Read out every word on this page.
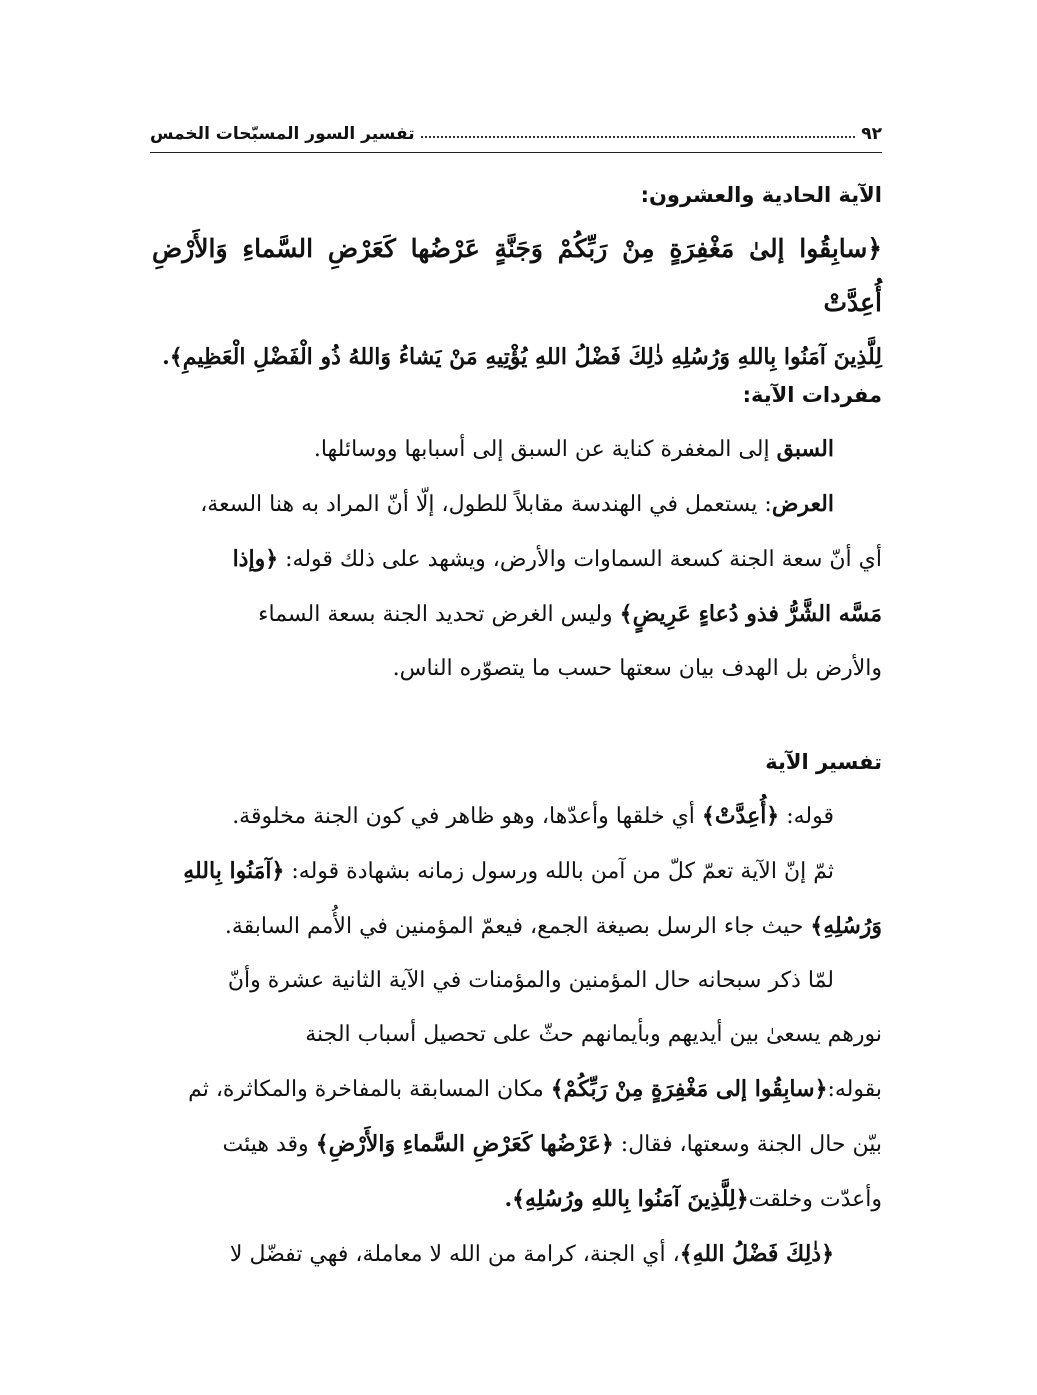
٩٢
تفسير السور المسبّحات الخمس
الآية الحادية والعشرون:
﴿سابِقُوا إلىٰ مَغْفِرَةٍ مِنْ رَبِّكُمْ وَجَنَّةٍ عَرْضُها كَعَرْضِ السَّماءِ وَالأَرْضِ أُعِدَّتْ
لِلَّذِينَ آمَنُوا بِاللهِ وَرُسُلِهِ ذٰلِكَ فَضْلُ اللهِ يُؤْتِيهِ مَنْ يَشاءُ وَاللهُ ذُو الْفَضْلِ الْعَظِيمِ﴾.
مفردات الآية:
السبق إلى المغفرة كناية عن السبق إلى أسبابها ووسائلها.
العرض: يستعمل في الهندسة مقابلاً للطول، إلّا أنّ المراد به هنا السعة،
أي أنّ سعة الجنة كسعة السماوات والأرض، ويشهد على ذلك قوله: ﴿وإذا
مَسَّه الشَّرُّ فذو دُعاءٍ عَرِيضٍ﴾ وليس الغرض تحديد الجنة بسعة السماء
والأرض بل الهدف بيان سعتها حسب ما يتصوّره الناس.
تفسير الآية
قوله: ﴿أُعِدَّتْ﴾ أي خلقها وأعدّها، وهو ظاهر في كون الجنة مخلوقة.
ثمّ إنّ الآية تعمّ كلّ من آمن بالله ورسول زمانه بشهادة قوله: ﴿آمَنُوا بِاللهِ
وَرُسُلِهِ﴾ حيث جاء الرسل بصيغة الجمع، فيعمّ المؤمنين في الأُمم السابقة.
لمّا ذكر سبحانه حال المؤمنين والمؤمنات في الآية الثانية عشرة وأنّ
نورهم يسعىٰ بين أيديهم وبأيمانهم حثّ على تحصيل أسباب الجنة
بقوله:﴿سابِقُوا إلى مَغْفِرَةٍ مِنْ رَبِّكُمْ﴾ مكان المسابقة بالمفاخرة والمكاثرة، ثم
بيّن حال الجنة وسعتها، فقال: ﴿عَرْضُها كَعَرْضِ السَّماءِ وَالأَرْضِ﴾ وقد هيئت
وأعدّت وخلقت﴿لِلَّذِينَ آمَنُوا بِاللهِ ورُسُلِهِ﴾.
﴿ذٰلِكَ فَضْلُ اللهِ﴾، أي الجنة، كرامة من الله لا معاملة، فهي تفضّل لا
